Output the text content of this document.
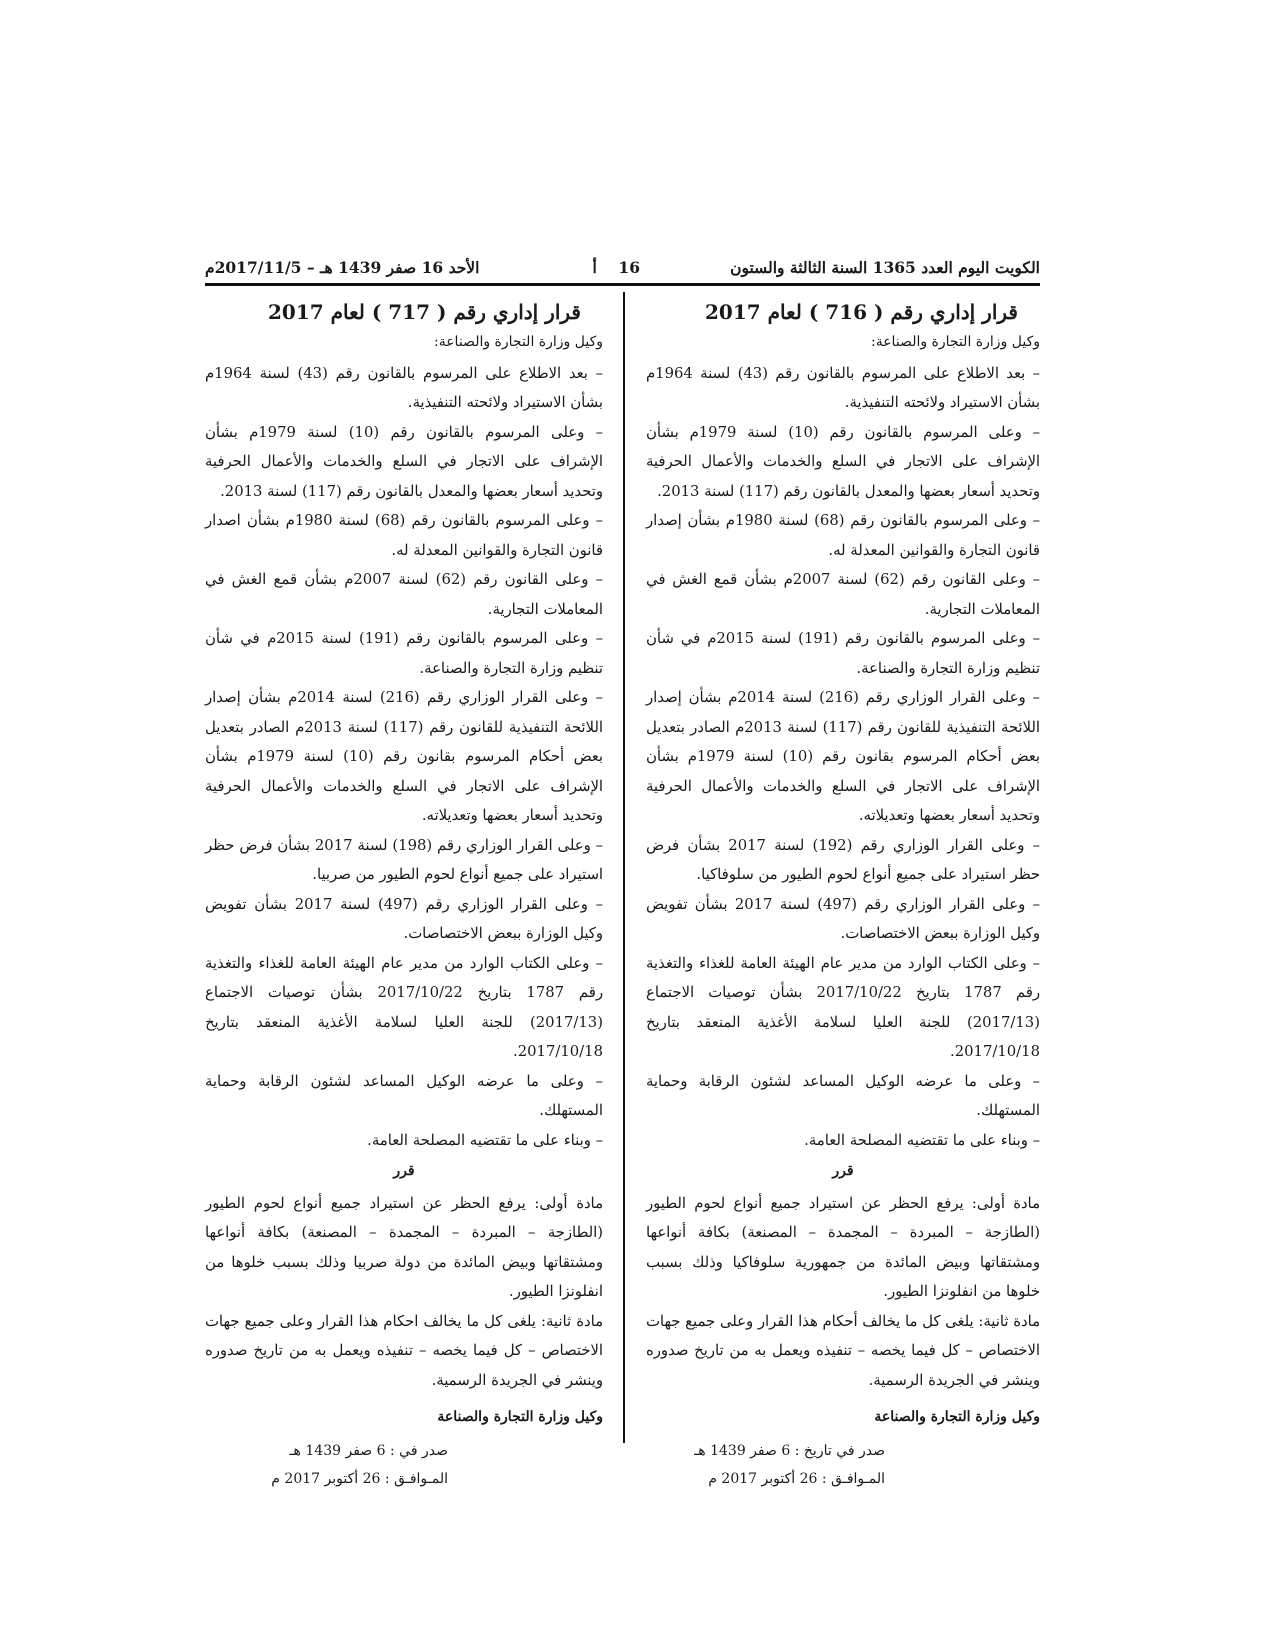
الكويت اليوم العدد 1365 السنة الثالثة والستون
16    أ
الأحد 16 صفر 1439 هـ – 2017/11/5م
قرار إداري رقم ( 716 ) لعام 2017

وكيل وزارة التجارة والصناعة:

– بعد الاطلاع على المرسوم بالقانون رقم (43) لسنة 1964م بشأن الاستيراد ولائحته التنفيذية.

– وعلى المرسوم بالقانون رقم (10) لسنة 1979م بشأن الإشراف على الاتجار في السلع والخدمات والأعمال الحرفية وتحديد أسعار بعضها والمعدل بالقانون رقم (117) لسنة 2013.

– وعلى المرسوم بالقانون رقم (68) لسنة 1980م بشأن إصدار قانون التجارة والقوانين المعدلة له.

– وعلى القانون رقم (62) لسنة 2007م بشأن قمع الغش في المعاملات التجارية.

– وعلى المرسوم بالقانون رقم (191) لسنة 2015م في شأن تنظيم وزارة التجارة والصناعة.

– وعلى القرار الوزاري رقم (216) لسنة 2014م بشأن إصدار اللائحة التنفيذية للقانون رقم (117) لسنة 2013م الصادر بتعديل بعض أحكام المرسوم بقانون رقم (10) لسنة 1979م بشأن الإشراف على الاتجار في السلع والخدمات والأعمال الحرفية وتحديد أسعار بعضها وتعديلاته.

– وعلى القرار الوزاري رقم (192) لسنة 2017 بشأن فرض حظر استيراد على جميع أنواع لحوم الطيور من سلوفاكيا.

– وعلى القرار الوزاري رقم (497) لسنة 2017 بشأن تفويض وكيل الوزارة ببعض الاختصاصات.

– وعلى الكتاب الوارد من مدير عام الهيئة العامة للغذاء والتغذية رقم 1787 بتاريخ 2017/10/22 بشأن توصيات الاجتماع (2017/13) للجنة العليا لسلامة الأغذية المنعقد بتاريخ 2017/10/18.

– وعلى ما عرضه الوكيل المساعد لشئون الرقابة وحماية المستهلك.

– وبناء على ما تقتضيه المصلحة العامة.

قرر

مادة أولى: يرفع الحظر عن استيراد جميع أنواع لحوم الطيور (الطازجة – المبردة – المجمدة – المصنعة) بكافة أنواعها ومشتقاتها وبيض المائدة من جمهورية سلوفاكيا وذلك بسبب خلوها من انفلونزا الطيور.

مادة ثانية: يلغى كل ما يخالف أحكام هذا القرار وعلى جميع جهات الاختصاص – كل فيما يخصه – تنفيذه ويعمل به من تاريخ صدوره وينشر في الجريدة الرسمية.

وكيل وزارة التجارة والصناعة

صدر في تاريخ : 6 صفر 1439 هـ

المـوافـق : 26 أكتوبر 2017 م

قرار إداري رقم ( 717 ) لعام 2017

وكيل وزارة التجارة والصناعة:

– بعد الاطلاع على المرسوم بالقانون رقم (43) لسنة 1964م بشأن الاستيراد ولائحته التنفيذية.

– وعلى المرسوم بالقانون رقم (10) لسنة 1979م بشأن الإشراف على الاتجار في السلع والخدمات والأعمال الحرفية وتحديد أسعار بعضها والمعدل بالقانون رقم (117) لسنة 2013.

– وعلى المرسوم بالقانون رقم (68) لسنة 1980م بشأن اصدار قانون التجارة والقوانين المعدلة له.

– وعلى القانون رقم (62) لسنة 2007م بشأن قمع الغش في المعاملات التجارية.

– وعلى المرسوم بالقانون رقم (191) لسنة 2015م في شأن تنظيم وزارة التجارة والصناعة.

– وعلى القرار الوزاري رقم (216) لسنة 2014م بشأن إصدار اللائحة التنفيذية للقانون رقم (117) لسنة 2013م الصادر بتعديل بعض أحكام المرسوم بقانون رقم (10) لسنة 1979م بشأن الإشراف على الاتجار في السلع والخدمات والأعمال الحرفية وتحديد أسعار بعضها وتعديلاته.

– وعلى القرار الوزاري رقم (198) لسنة 2017 بشأن فرض حظر استيراد على جميع أنواع لحوم الطيور من صربيا.

– وعلى القرار الوزاري رقم (497) لسنة 2017 بشأن تفويض وكيل الوزارة ببعض الاختصاصات.

– وعلى الكتاب الوارد من مدير عام الهيئة العامة للغذاء والتغذية رقم 1787 بتاريخ 2017/10/22 بشأن توصيات الاجتماع (2017/13) للجنة العليا لسلامة الأغذية المنعقد بتاريخ 2017/10/18.

– وعلى ما عرضه الوكيل المساعد لشئون الرقابة وحماية المستهلك.

– وبناء على ما تقتضيه المصلحة العامة.

قرر

مادة أولى: يرفع الحظر عن استيراد جميع أنواع لحوم الطيور (الطازجة – المبردة – المجمدة – المصنعة) بكافة أنواعها ومشتقاتها وبيض المائدة من دولة صربيا وذلك بسبب خلوها من انفلونزا الطيور.

مادة ثانية: يلغى كل ما يخالف احكام هذا القرار وعلى جميع جهات الاختصاص – كل فيما يخصه – تنفيذه ويعمل به من تاريخ صدوره وينشر في الجريدة الرسمية.

وكيل وزارة التجارة والصناعة

صدر في : 6 صفر 1439 هـ

المـوافـق : 26 أكتوبر 2017 م
